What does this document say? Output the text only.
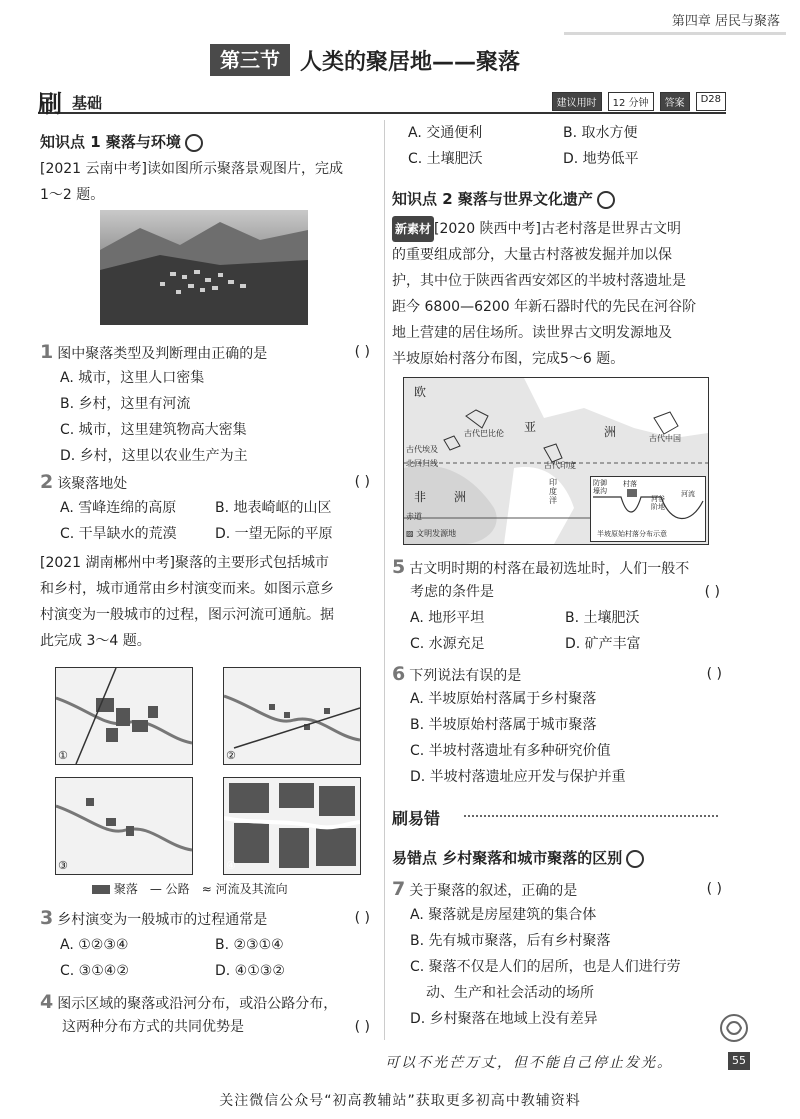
第四章 居民与聚落
第三节 人类的聚居地——聚落
刷 基础	建议用时	12 分钟	答案	D28
知识点 1 聚落与环境
[2021 云南中考]读如图所示聚落景观图片，完成
1～2 题。
1 图中聚落类型及判断理由正确的是	( )
A. 城市，这里人口密集
B. 乡村，这里有河流
C. 城市，这里建筑物高大密集
D. 乡村，这里以农业生产为主
2 该聚落地处	( )
A. 雪峰连绵的高原	B. 地表崎岖的山区
C. 干旱缺水的荒漠	D. 一望无际的平原
[2021 湖南郴州中考]聚落的主要形式包括城市
和乡村，城市通常由乡村演变而来。如图示意乡
村演变为一般城市的过程，图示河流可通航。据
此完成 3～4 题。
①	②
③	④
聚落 — 公路 ≈ 河流及其流向
3 乡村演变为一般城市的过程通常是	( )
A. ①②③④	B. ②③①④
C. ③①④②	D. ④①③②
4 图示区域的聚落或沿河分布，或沿公路分布，
这两种分布方式的共同优势是	( )
A. 交通便利	B. 取水方便
C. 土壤肥沃	D. 地势低平
知识点 2 聚落与世界文化遗产
新素材 [2020 陕西中考]古老村落是世界古文明
的重要组成部分，大量古村落被发掘并加以保
护，其中位于陕西省西安郊区的半坡村落遗址是
距今 6800—6200 年新石器时代的先民在河谷阶
地上营建的居住场所。读世界古文明发源地及
半坡原始村落分布图，完成5～6 题。
欧
亚	洲
古代巴比伦
古代中国
古代埃及
北回归线	古代印度
非 洲
印度洋
赤道
▨ 文明发源地
防御壕沟
村落
河谷阶地
河流
半坡原始村落分布示意
5 古文明时期的村落在最初选址时，人们一般不
考虑的条件是	( )
A. 地形平坦	B. 土壤肥沃
C. 水源充足	D. 矿产丰富
6 下列说法有误的是	( )
A. 半坡原始村落属于乡村聚落
B. 半坡原始村落属于城市聚落
C. 半坡村落遗址有多种研究价值
D. 半坡村落遗址应开发与保护并重
刷易错
易错点 乡村聚落和城市聚落的区别
7 关于聚落的叙述，正确的是	( )
A. 聚落就是房屋建筑的集合体
B. 先有城市聚落，后有乡村聚落
C. 聚落不仅是人们的居所，也是人们进行劳
动、生产和社会活动的场所
D. 乡村聚落在地域上没有差异
可以不光芒万丈，但不能自己停止发光。	55
关注微信公众号“初高教辅站”获取更多初高中教辅资料
